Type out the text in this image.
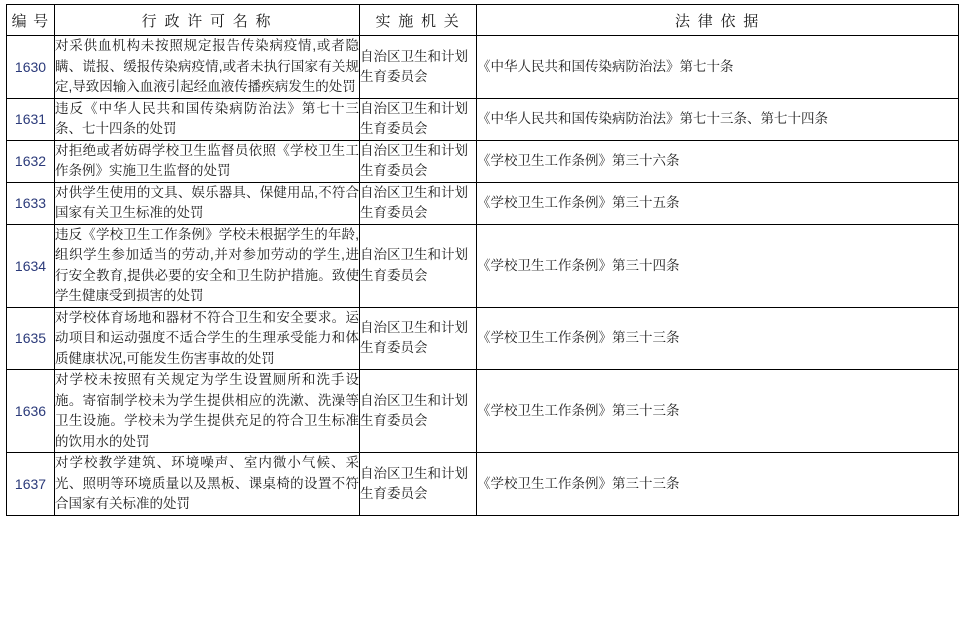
编 号	行 政 许 可 名 称	实 施 机 关	法 律 依 据
1630	对采供血机构未按照规定报告传染病疫情,或者隐瞒、谎报、缓报传染病疫情,或者未执行国家有关规定,导致因输入血液引起经血液传播疾病发生的处罚	自治区卫生和计划生育委员会	《中华人民共和国传染病防治法》第七十条
1631	违反《中华人民共和国传染病防治法》第七十三条、七十四条的处罚	自治区卫生和计划生育委员会	《中华人民共和国传染病防治法》第七十三条、第七十四条
1632	对拒绝或者妨碍学校卫生监督员依照《学校卫生工作条例》实施卫生监督的处罚	自治区卫生和计划生育委员会	《学校卫生工作条例》第三十六条
1633	对供学生使用的文具、娱乐器具、保健用品,不符合国家有关卫生标准的处罚	自治区卫生和计划生育委员会	《学校卫生工作条例》第三十五条
1634	违反《学校卫生工作条例》学校未根据学生的年龄,组织学生参加适当的劳动,并对参加劳动的学生,进行安全教育,提供必要的安全和卫生防护措施。致使学生健康受到损害的处罚	自治区卫生和计划生育委员会	《学校卫生工作条例》第三十四条
1635	对学校体育场地和器材不符合卫生和安全要求。运动项目和运动强度不适合学生的生理承受能力和体质健康状况,可能发生伤害事故的处罚	自治区卫生和计划生育委员会	《学校卫生工作条例》第三十三条
1636	对学校未按照有关规定为学生设置厕所和洗手设施。寄宿制学校未为学生提供相应的洗漱、洗澡等卫生设施。学校未为学生提供充足的符合卫生标准的饮用水的处罚	自治区卫生和计划生育委员会	《学校卫生工作条例》第三十三条
1637	对学校教学建筑、环境噪声、室内微小气候、采光、照明等环境质量以及黑板、课桌椅的设置不符合国家有关标准的处罚	自治区卫生和计划生育委员会	《学校卫生工作条例》第三十三条
